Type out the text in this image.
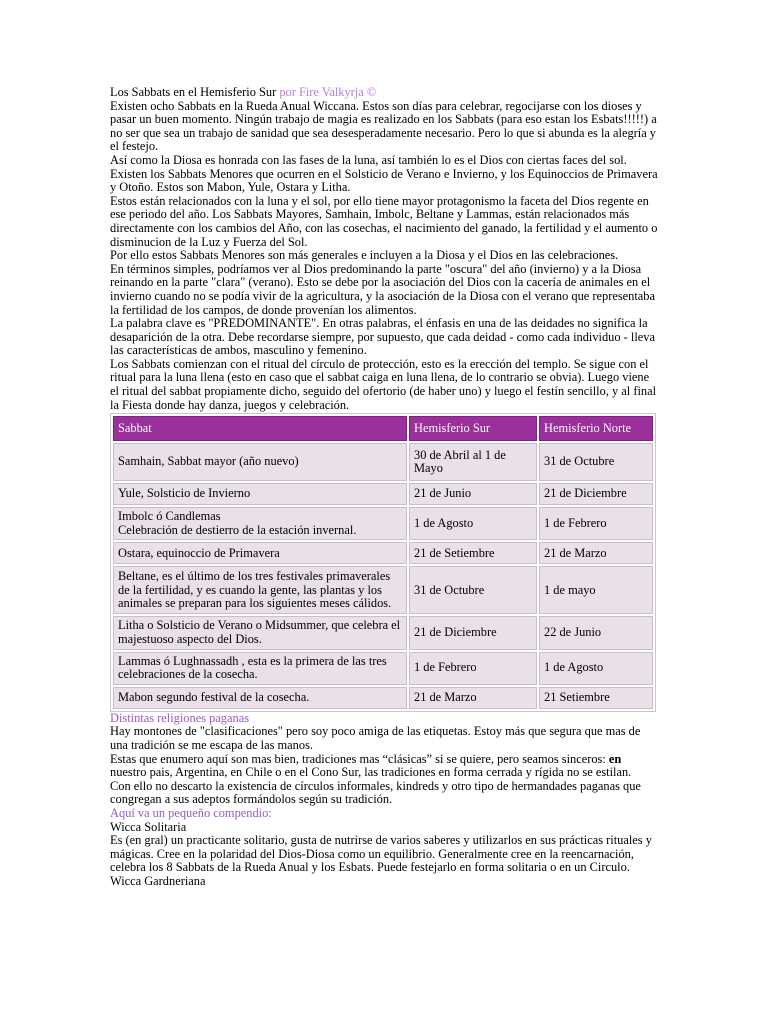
Los Sabbats en el Hemisferio Sur por Fire Valkyrja ©

Existen ocho Sabbats en la Rueda Anual Wiccana. Estos son días para celebrar, regocijarse con los dioses y pasar un buen momento. Ningún trabajo de magia es realizado en los Sabbats (para eso estan los Esbats!!!!!) a no ser que sea un trabajo de sanidad que sea desesperadamente necesario. Pero lo que si abunda es la alegría y el festejo.

Así como la Diosa es honrada con las fases de la luna, así también lo es el Dios con ciertas faces del sol. Existen los Sabbats Menores que ocurren en el Solsticio de Verano e Invierno, y los Equinoccios de Primavera y Otoño. Estos son Mabon, Yule, Ostara y Litha.

Estos están relacionados con la luna y el sol, por ello tiene mayor protagonismo la faceta del Dios regente en ese periodo del año. Los Sabbats Mayores, Samhain, Imbolc, Beltane y Lammas, están relacionados más directamente con los cambios del Año, con las cosechas, el nacimiento del ganado, la fertilidad y el aumento o disminucion de la Luz y Fuerza del Sol.

Por ello estos Sabbats Menores son más generales e incluyen a la Diosa y el Dios en las celebraciones.

En términos simples, podríamos ver al Dios predominando la parte "oscura" del año (invierno) y a la Diosa reinando en la parte "clara" (verano). Esto se debe por la asociación del Dios con la cacería de animales en el invierno cuando no se podía vivir de la agricultura, y la asociación de la Diosa con el verano que representaba la fertilidad de los campos, de donde provenían los alimentos.

La palabra clave es "PREDOMINANTE". En otras palabras, el énfasis en una de las deidades no significa la desaparición de la otra. Debe recordarse siempre, por supuesto, que cada deidad - como cada individuo - lleva las características de ambos, masculino y femenino.

Los Sabbats comienzan con el ritual del círculo de protección, esto es la erección del templo. Se sigue con el ritual para la luna llena (esto en caso que el sabbat caiga en luna llena, de lo contrario se obvia). Luego viene el ritual del sabbat propiamente dicho, seguido del ofertorio (de haber uno) y luego el festín sencillo, y al final la Fiesta donde hay danza, juegos y celebración.

Sabbat	Hemisferio Sur	Hemisferio Norte
Samhain, Sabbat mayor (año nuevo)	30 de Abril al 1 de Mayo	31 de Octubre
Yule, Solsticio de Invierno	21 de Junio	21 de Diciembre
Imbolc ó Candlemas
Celebración de destierro de la estación invernal.	1 de Agosto	1 de Febrero
Ostara, equinoccio de Primavera	21 de Setiembre	21 de Marzo
Beltane, es el último de los tres festivales primaverales de la fertilidad, y es cuando la gente, las plantas y los animales se preparan para los siguientes meses cálidos.	31 de Octubre	1 de mayo
Litha o Solsticio de Verano o Midsummer, que celebra el majestuoso aspecto del Dios.	21 de Diciembre	22 de Junio
Lammas ó Lughnassadh , esta es la primera de las tres celebraciones de la cosecha.	1 de Febrero	1 de Agosto
Mabon segundo festival de la cosecha.	21 de Marzo	21 Setiembre

Distintas religiones paganas

Hay montones de "clasificaciones" pero soy poco amiga de las etiquetas. Estoy más que segura que mas de una tradición se me escapa de las manos.

Estas que enumero aquí son mas bien, tradiciones mas “clásicas” si se quiere, pero seamos sinceros: en nuestro pais, Argentina, en Chile o en el Cono Sur, las tradiciones en forma cerrada y rígida no se estilan.

Con ello no descarto la existencia de círculos informales, kindreds y otro tipo de hermandades paganas que congregan a sus adeptos formándolos según su tradición.

Aquí va un pequeño compendio:

Wicca Solitaria

Es (en gral) un practicante solitario, gusta de nutrirse de varios saberes y utilizarlos en sus prácticas rituales y mágicas. Cree en la polaridad del Dios-Diosa como un equilibrio. Generalmente cree en la reencarnación, celebra los 8 Sabbats de la Rueda Anual y los Esbats. Puede festejarlo en forma solitaria o en un Circulo.

Wicca Gardneriana
